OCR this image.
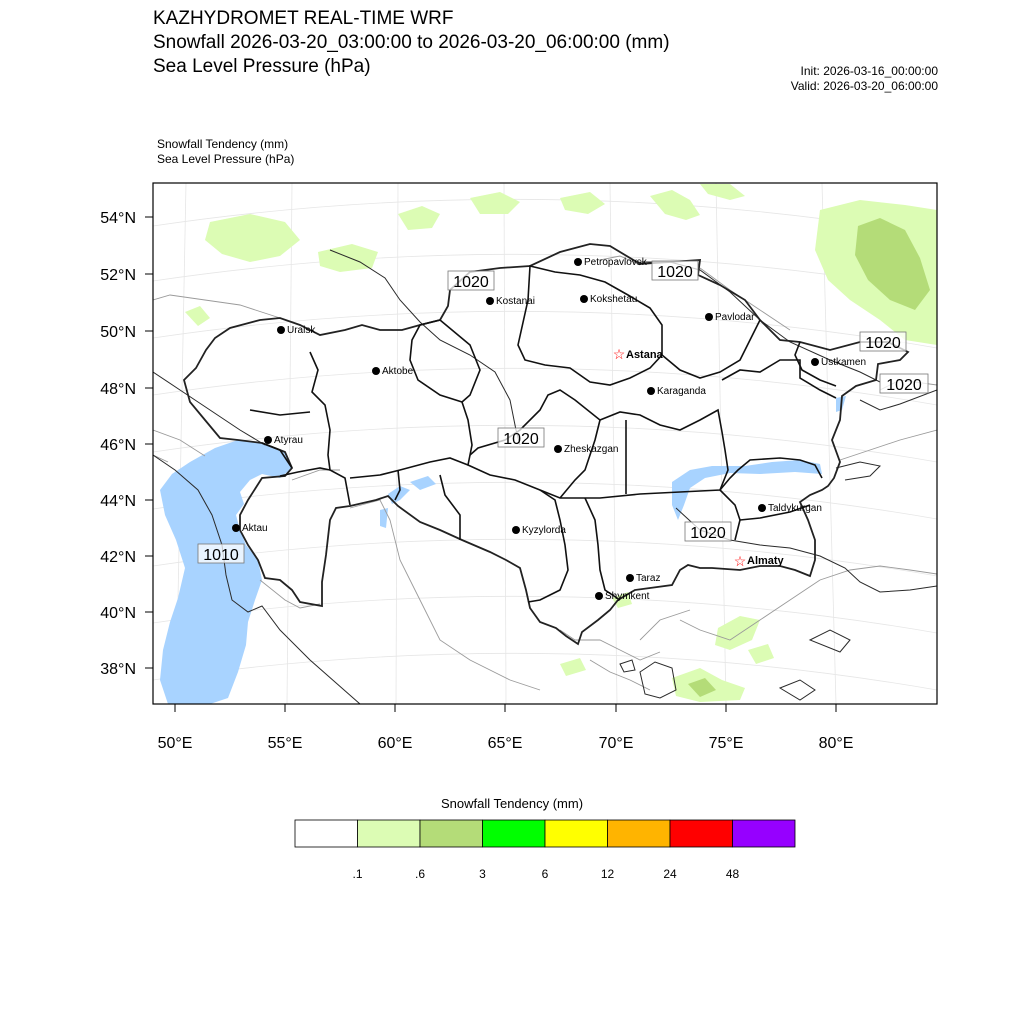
KAZHYDROMET REAL-TIME WRF
Snowfall 2026-03-20_03:00:00 to 2026-03-20_06:00:00 (mm)
Sea Level Pressure (hPa)	Init: 2026-03-16_00:00:00
Valid: 2026-03-20_06:00:00
Snowfall Tendency (mm)
Sea Level Pressure (hPa)
Snowfall Tendency (mm)
54°N
52°N
50°N
48°N
46°N
44°N
42°N
40°N
38°N
50°E	55°E	60°E	65°E	70°E	75°E	80°E
1020
1020
1020
1020
1020
1020
1010
Petropavlovsk
Kostanai	Kokshetau
Pavlodar
Uralsk
☆ Astana
Ustkamen
Aktobe
Karaganda
Atyrau
Zheskazgan
Aktau	Kyzylorda
Taldykurgan
☆ Almaty
Taraz
Shymkent
.1	.6	3	6	12	24	48
